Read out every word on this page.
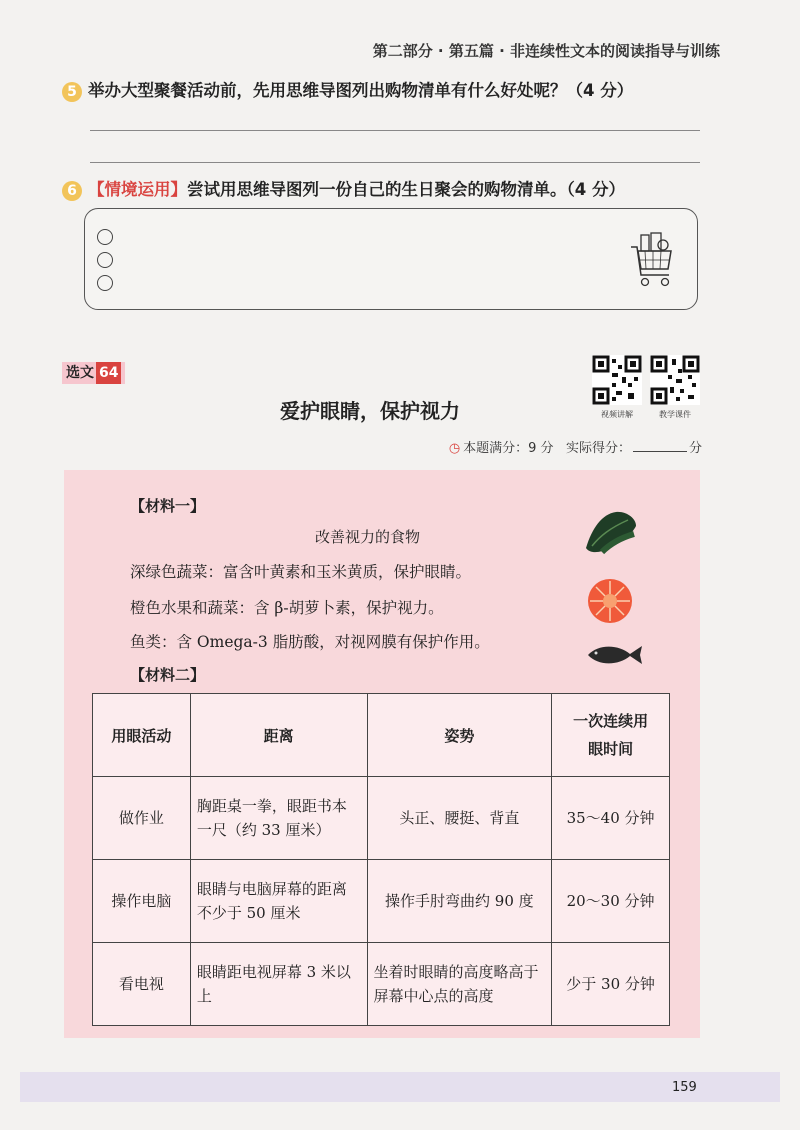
第二部分 · 第五篇 · 非连续性文本的阅读指导与训练
5 举办大型聚餐活动前，先用思维导图列出购物清单有什么好处呢？（4 分）
6 【情境运用】尝试用思维导图列一份自己的生日聚会的购物清单。（4 分）
选文 64
视频讲解	教学课件
爱护眼睛，保护视力
◷ 本题满分：9 分 实际得分：	分
【材料一】
改善视力的食物
深绿色蔬菜：富含叶黄素和玉米黄质，保护眼睛。
橙色水果和蔬菜：含 β-胡萝卜素，保护视力。
鱼类：含 Omega-3 脂肪酸，对视网膜有保护作用。
【材料二】
用眼活动	距离	姿势	一次连续用眼时间
做作业	胸距桌一拳，眼距书本一尺（约 33 厘米）	头正、腰挺、背直	35～40 分钟
操作电脑	眼睛与电脑屏幕的距离不少于 50 厘米	操作手肘弯曲约 90 度	20～30 分钟
看电视	眼睛距电视屏幕 3 米以上	坐着时眼睛的高度略高于屏幕中心点的高度	少于 30 分钟
159
